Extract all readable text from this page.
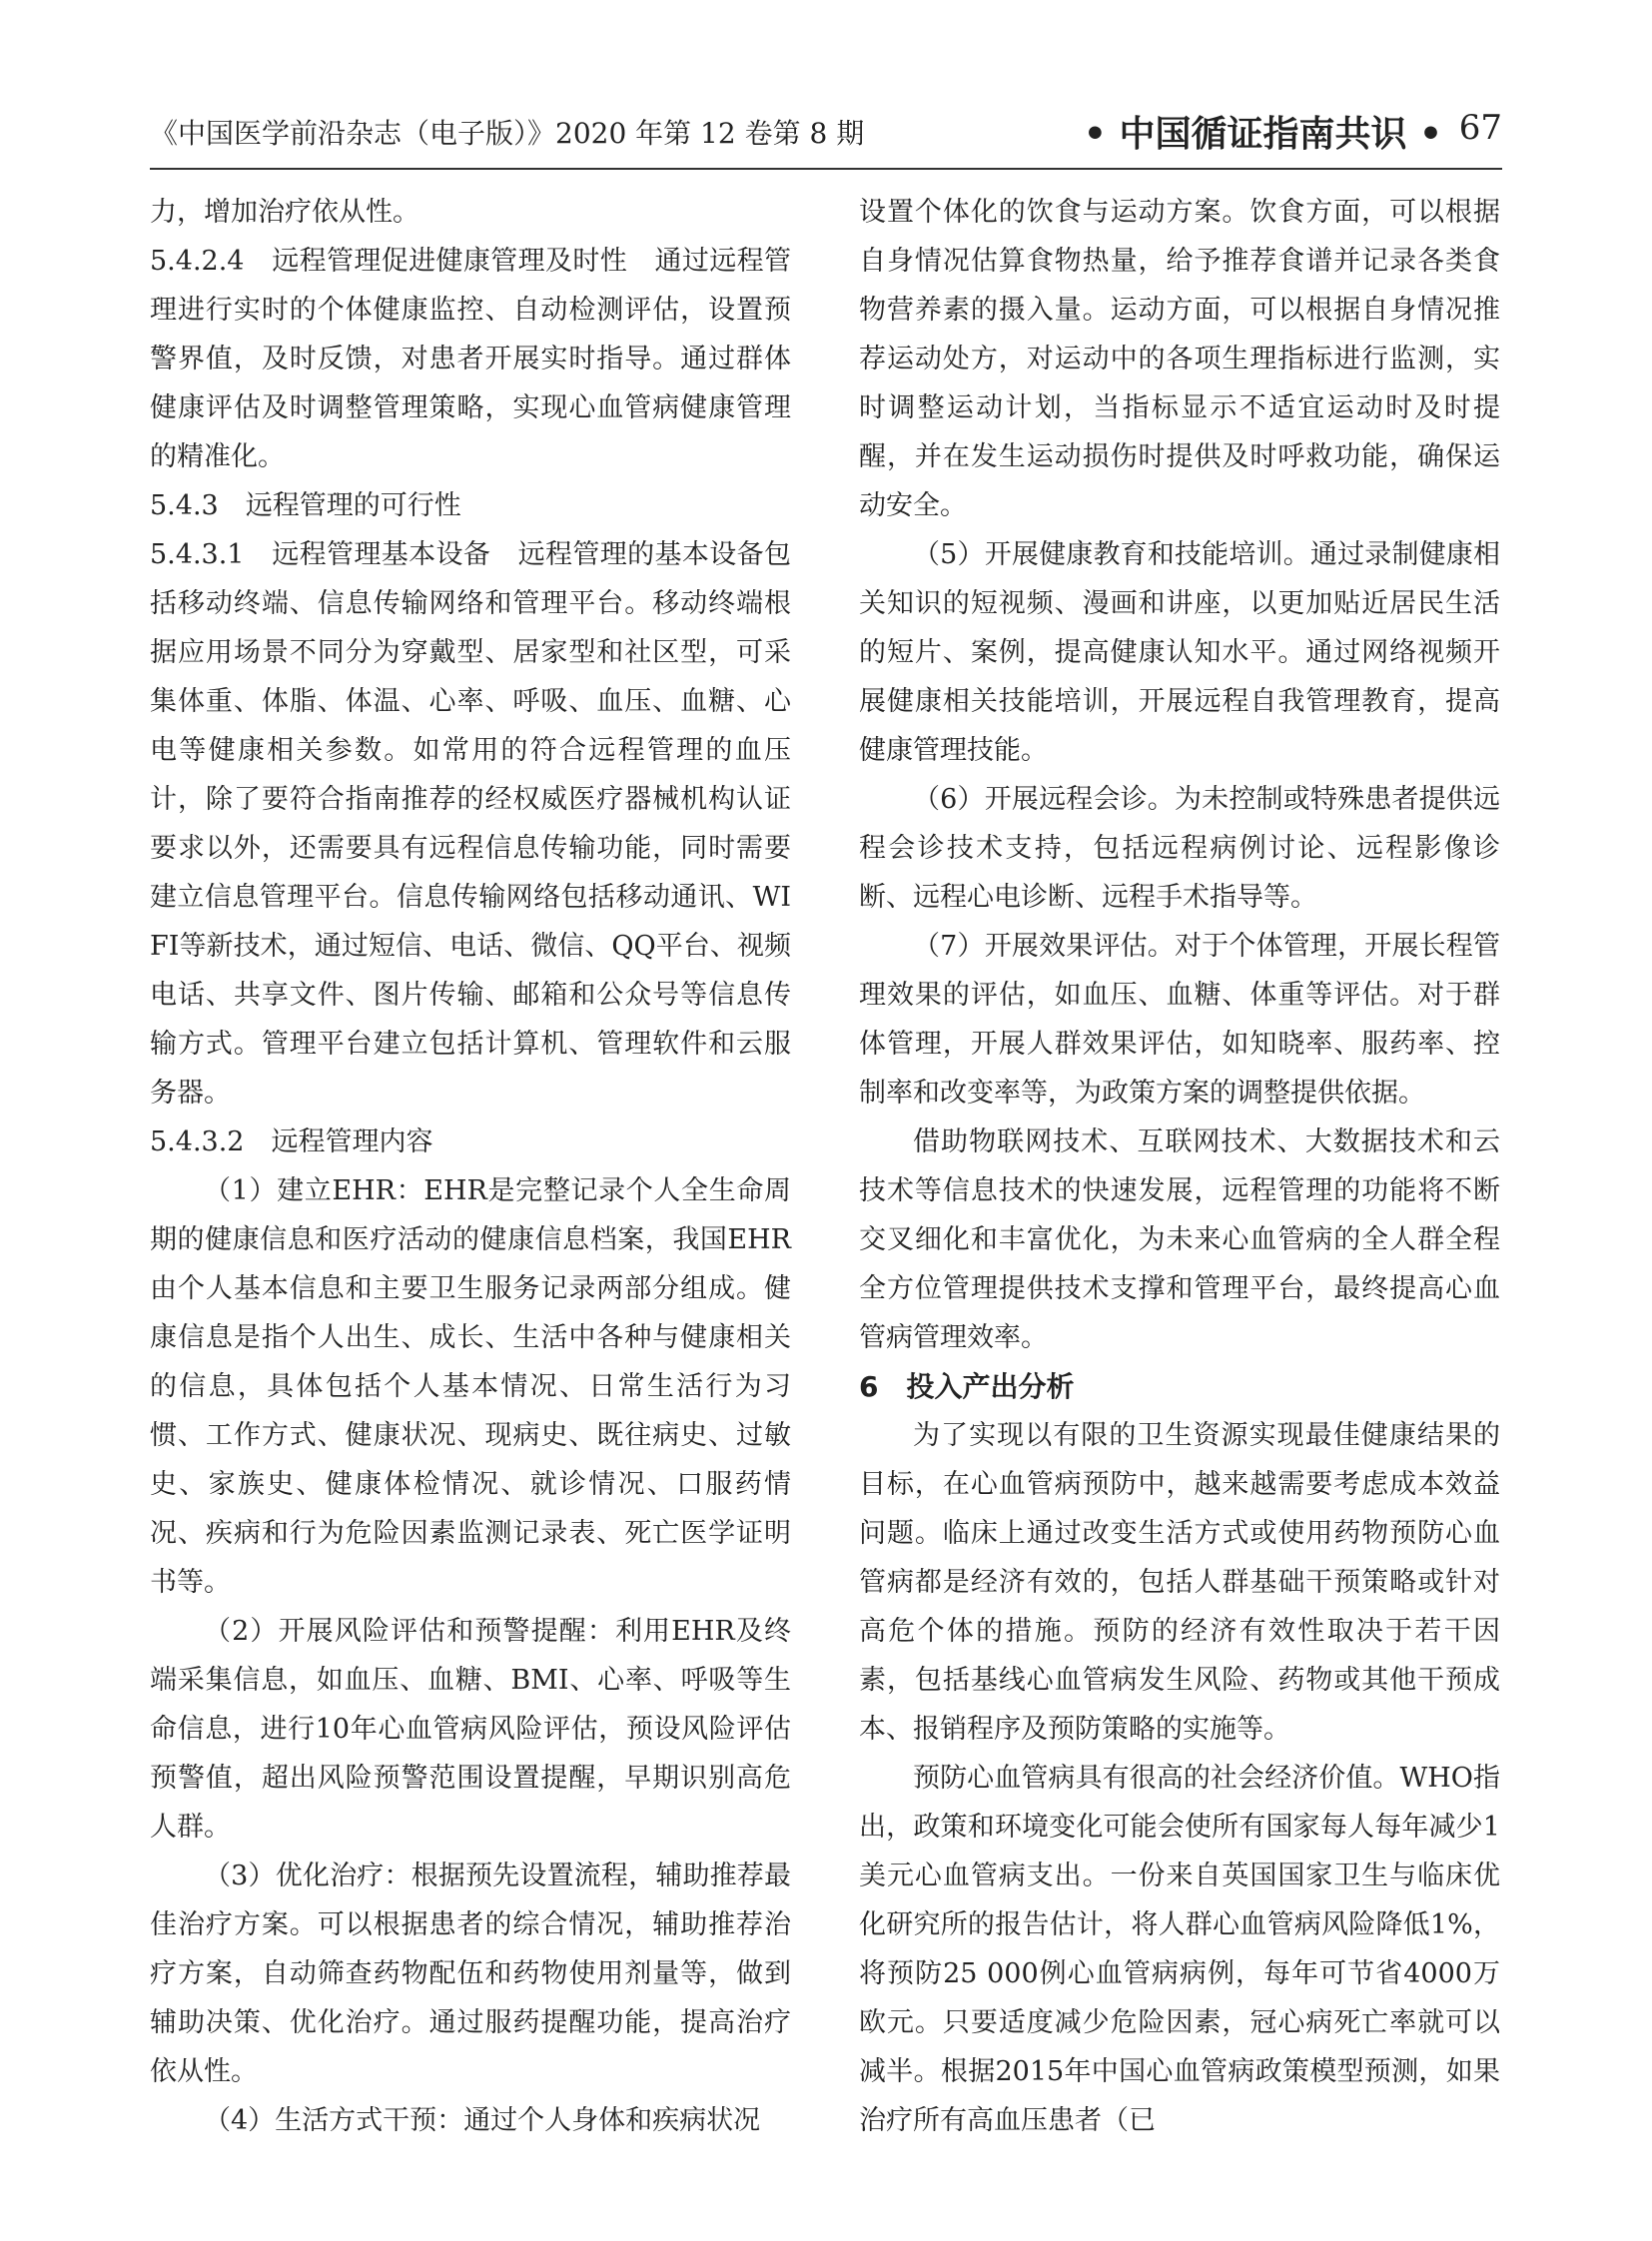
《中国医学前沿杂志（电子版）》2020 年第 12 卷第 8 期	• 中国循证指南共识 • 67

力，增加治疗依从性。

5.4.2.4　远程管理促进健康管理及时性　通过远程管理进行实时的个体健康监控、自动检测评估，设置预警界值，及时反馈，对患者开展实时指导。通过群体健康评估及时调整管理策略，实现心血管病健康管理的精准化。

5.4.3　远程管理的可行性

5.4.3.1　远程管理基本设备　远程管理的基本设备包括移动终端、信息传输网络和管理平台。移动终端根据应用场景不同分为穿戴型、居家型和社区型，可采集体重、体脂、体温、心率、呼吸、血压、血糖、心电等健康相关参数。如常用的符合远程管理的血压计，除了要符合指南推荐的经权威医疗器械机构认证要求以外，还需要具有远程信息传输功能，同时需要建立信息管理平台。信息传输网络包括移动通讯、WIFI等新技术，通过短信、电话、微信、QQ平台、视频电话、共享文件、图片传输、邮箱和公众号等信息传输方式。管理平台建立包括计算机、管理软件和云服务器。

5.4.3.2　远程管理内容

（1）建立EHR：EHR是完整记录个人全生命周期的健康信息和医疗活动的健康信息档案，我国EHR由个人基本信息和主要卫生服务记录两部分组成。健康信息是指个人出生、成长、生活中各种与健康相关的信息，具体包括个人基本情况、日常生活行为习惯、工作方式、健康状况、现病史、既往病史、过敏史、家族史、健康体检情况、就诊情况、口服药情况、疾病和行为危险因素监测记录表、死亡医学证明书等。

（2）开展风险评估和预警提醒：利用EHR及终端采集信息，如血压、血糖、BMI、心率、呼吸等生命信息，进行10年心血管病风险评估，预设风险评估预警值，超出风险预警范围设置提醒，早期识别高危人群。

（3）优化治疗：根据预先设置流程，辅助推荐最佳治疗方案。可以根据患者的综合情况，辅助推荐治疗方案，自动筛查药物配伍和药物使用剂量等，做到辅助决策、优化治疗。通过服药提醒功能，提高治疗依从性。

（4）生活方式干预：通过个人身体和疾病状况

设置个体化的饮食与运动方案。饮食方面，可以根据自身情况估算食物热量，给予推荐食谱并记录各类食物营养素的摄入量。运动方面，可以根据自身情况推荐运动处方，对运动中的各项生理指标进行监测，实时调整运动计划，当指标显示不适宜运动时及时提醒，并在发生运动损伤时提供及时呼救功能，确保运动安全。

（5）开展健康教育和技能培训。通过录制健康相关知识的短视频、漫画和讲座，以更加贴近居民生活的短片、案例，提高健康认知水平。通过网络视频开展健康相关技能培训，开展远程自我管理教育，提高健康管理技能。

（6）开展远程会诊。为未控制或特殊患者提供远程会诊技术支持，包括远程病例讨论、远程影像诊断、远程心电诊断、远程手术指导等。

（7）开展效果评估。对于个体管理，开展长程管理效果的评估，如血压、血糖、体重等评估。对于群体管理，开展人群效果评估，如知晓率、服药率、控制率和改变率等，为政策方案的调整提供依据。

借助物联网技术、互联网技术、大数据技术和云技术等信息技术的快速发展，远程管理的功能将不断交叉细化和丰富优化，为未来心血管病的全人群全程全方位管理提供技术支撑和管理平台，最终提高心血管病管理效率。

6　投入产出分析

为了实现以有限的卫生资源实现最佳健康结果的目标，在心血管病预防中，越来越需要考虑成本效益问题。临床上通过改变生活方式或使用药物预防心血管病都是经济有效的，包括人群基础干预策略或针对高危个体的措施。预防的经济有效性取决于若干因素，包括基线心血管病发生风险、药物或其他干预成本、报销程序及预防策略的实施等。

预防心血管病具有很高的社会经济价值。WHO指出，政策和环境变化可能会使所有国家每人每年减少1美元心血管病支出。一份来自英国国家卫生与临床优化研究所的报告估计，将人群心血管病风险降低1%，将预防25 000例心血管病病例，每年可节省4000万欧元。只要适度减少危险因素，冠心病死亡率就可以减半。根据2015年中国心血管病政策模型预测，如果治疗所有高血压患者（已
